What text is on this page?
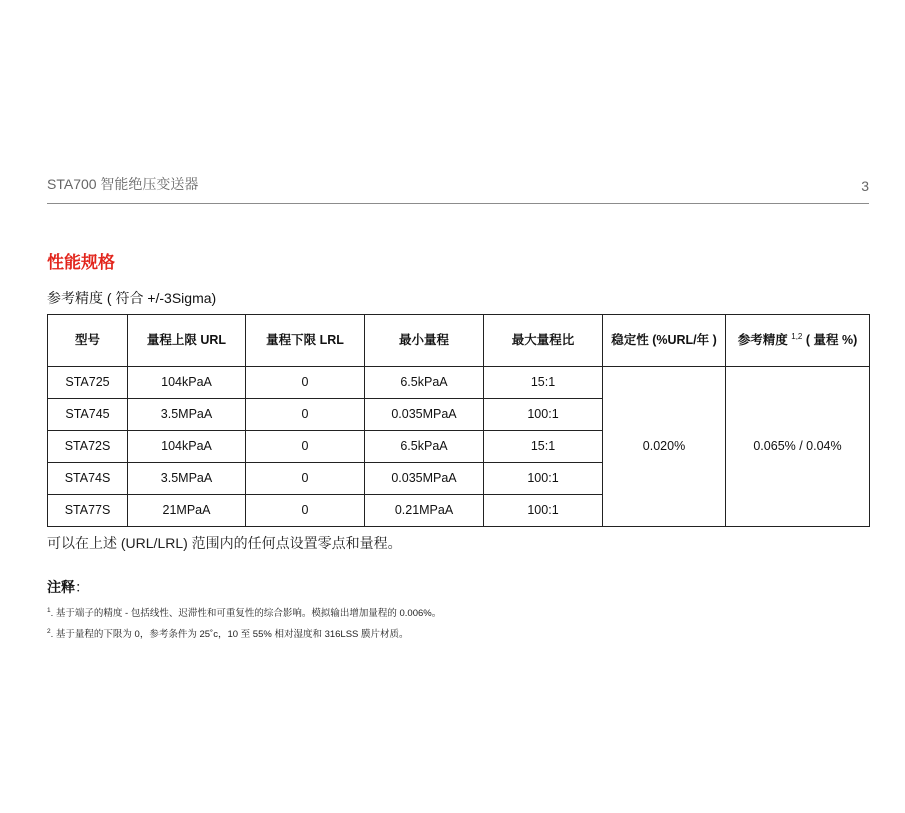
STA700 智能绝压变送器	3
性能规格
参考精度 ( 符合 +/-3Sigma)
型号	量程上限 URL	量程下限 LRL	最小量程	最大量程比	稳定性 (%URL/年 )	参考精度 $^{1,2}$ ( 量程 %)
STA725	104kPaA	0	6.5kPaA	15:1	0.020%	0.065% / 0.04%
STA745	3.5MPaA	0	0.035MPaA	100:1		
STA72S	104kPaA	0	6.5kPaA	15:1		
STA74S	3.5MPaA	0	0.035MPaA	100:1		
STA77S	21MPaA	0	0.21MPaA	100:1		
可以在上述 (URL/LRL) 范围内的任何点设置零点和量程。
注释：
$^1$. 基于端子的精度 - 包括线性、迟滞性和可重复性的综合影响。模拟输出增加量程的 0.006%。
$^2$. 基于量程的下限为 0，参考条件为 25˚c，10 至 55% 相对湿度和 316LSS 膜片材质。
